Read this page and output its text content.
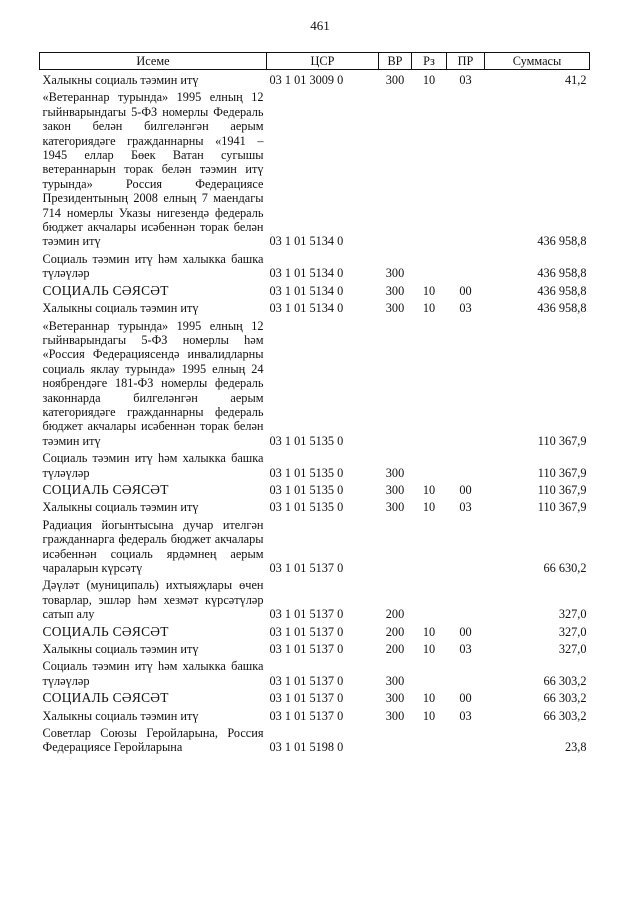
461
Исеме	ЦСР	ВР	Рз	ПР	Суммасы
Халыкны социаль тәэмин итү	03 1 01 3009 0	300	10	03	41,2
«Ветераннар турында» 1995 елның 12 гыйнварындагы 5-ФЗ номерлы Федераль закон белән билгеләнгән аерым категориядәге гражданнарны «1941 – 1945 еллар Бөек Ватан сугышы ветераннарын торак белән тәэмин итү турында» Россия Федерациясе Президентының 2008 елның 7 маендагы 714 номерлы Указы нигезендә федераль бюджет акчалары исәбеннән торак белән тәэмин итү	03 1 01 5134 0				436 958,8
Социаль тәэмин итү һәм халыкка башка түләүләр	03 1 01 5134 0	300			436 958,8
СОЦИАЛЬ СӘЯСӘТ	03 1 01 5134 0	300	10	00	436 958,8
Халыкны социаль тәэмин итү	03 1 01 5134 0	300	10	03	436 958,8
«Ветераннар турында» 1995 елның 12 гыйнварындагы 5-ФЗ номерлы һәм «Россия Федерациясендә инвалидларны социаль яклау турында» 1995 елның 24 ноябрендәге 181-ФЗ номерлы федераль законнарда билгеләнгән аерым категориядәге гражданнарны федераль бюджет акчалары исәбеннән торак белән тәэмин итү	03 1 01 5135 0				110 367,9
Социаль тәэмин итү һәм халыкка башка түләүләр	03 1 01 5135 0	300			110 367,9
СОЦИАЛЬ СӘЯСӘТ	03 1 01 5135 0	300	10	00	110 367,9
Халыкны социаль тәэмин итү	03 1 01 5135 0	300	10	03	110 367,9
Радиация йогынтысына дучар ителгән гражданнарга федераль бюджет акчалары исәбеннән социаль ярдәмнең аерым чараларын күрсәтү	03 1 01 5137 0				66 630,2
Дәүләт (муниципаль) ихтыяҗлары өчен товарлар, эшләр һәм хезмәт күрсәтүләр сатып алу	03 1 01 5137 0	200			327,0
СОЦИАЛЬ СӘЯСӘТ	03 1 01 5137 0	200	10	00	327,0
Халыкны социаль тәэмин итү	03 1 01 5137 0	200	10	03	327,0
Социаль тәэмин итү һәм халыкка башка түләүләр	03 1 01 5137 0	300			66 303,2
СОЦИАЛЬ СӘЯСӘТ	03 1 01 5137 0	300	10	00	66 303,2
Халыкны социаль тәэмин итү	03 1 01 5137 0	300	10	03	66 303,2
Советлар Союзы Геройларына, Россия Федерациясе Геройларына	03 1 01 5198 0				23,8
